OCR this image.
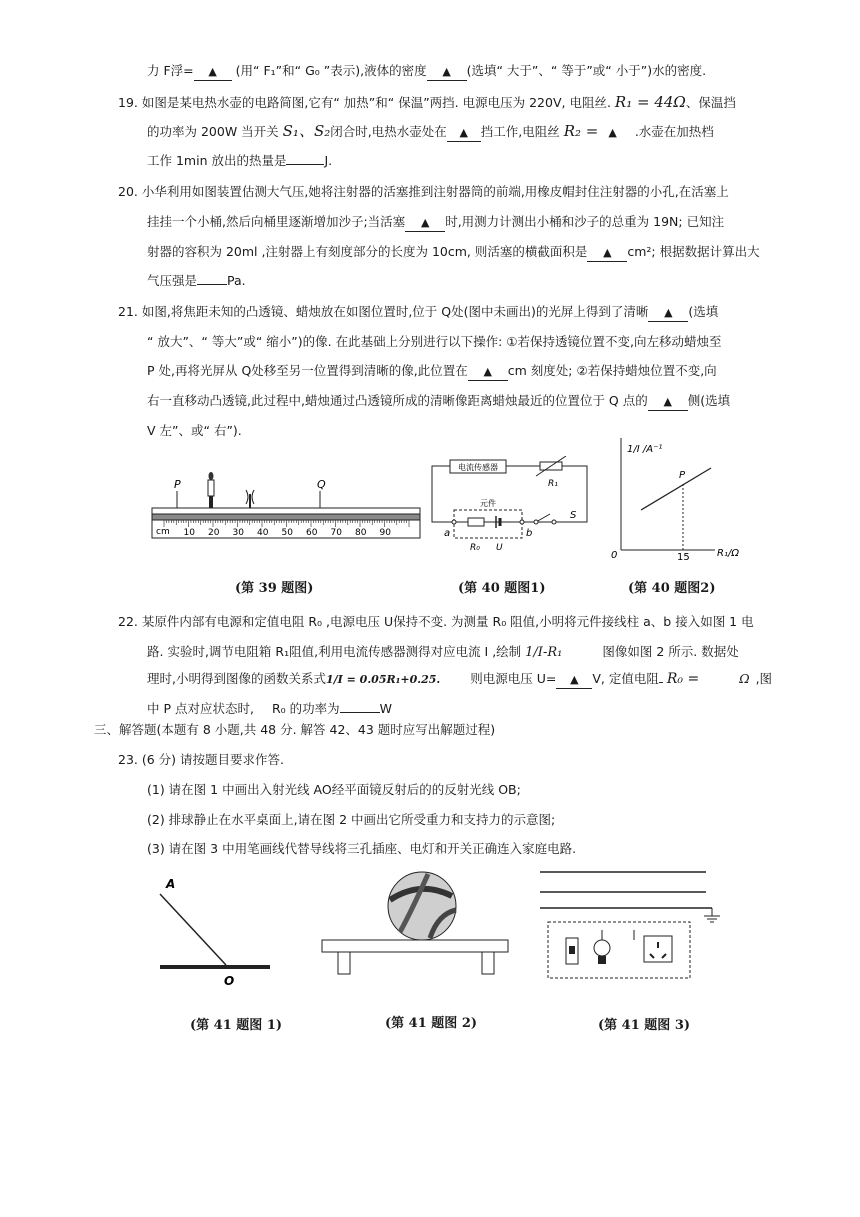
力 F浮= ▲ (用“ F₁”和“ G₀ ”表示),液体的密度 ▲ (选填“ 大于”、“ 等于”或“ 小于”)水的密度.
19. 如图是某电热水壶的电路简图,它有“ 加热”和“ 保温”两挡. 电源电压为 220V, 电阻丝. R₁ = 44Ω、保温挡
的功率为 200W 当开关 S₁、S₂闭合时,电热水壶处在 ▲ 挡工作,电阻丝 R₂ = ▲ .水壶在加热档
工作 1min 放出的热量是	J.
20. 小华利用如图装置估测大气压,她将注射器的活塞推到注射器筒的前端,用橡皮帽封住注射器的小孔,在活塞上
挂挂一个小桶,然后向桶里逐渐增加沙子;当活塞 ▲ 时,用测力计测出小桶和沙子的总重为 19N; 已知注
射器的容积为 20ml ,注射器上有刻度部分的长度为 10cm, 则活塞的横截面积是 ▲ cm²; 根据数据计算出大
气压强是 Pa.
21. 如图,将焦距未知的凸透镜、蜡烛放在如图位置时,位于 Q处(图中未画出)的光屏上得到了清晰 ▲ (选填
“ 放大”、“ 等大”或“ 缩小”)的像. 在此基础上分别进行以下操作: ①若保持透镜位置不变,向左移动蜡烛至
P 处,再将光屏从 Q处移至另一位置得到清晰的像,此位置在 ▲ cm 刻度处; ②若保持蜡烛位置不变,向
右一直移动凸透镜,此过程中,蜡烛通过凸透镜所成的清晰像距离蜡烛最近的位置位于 Q 点的 ▲ 侧(选填
V 左”、或“ 右”).
P	Q
10 20 30 40 50 60 70 80 90
cm
(第 39 题图)
电流传感器
R₁
元件
a	b
R₀ U
S
(第 40 题图1)
1/I /A⁻¹
R₁/Ω
0
P
15
(第 40 题图2)
22. 某原件内部有电源和定值电阻 R₀ ,电源电压 U保持不变. 为测量 R₀ 阻值,小明将元件接线柱 a、b 接入如图 1 电
路. 实验时,调节电阻箱 R₁阻值,利用电流传感器测得对应电流 I ,绘制 1/I-R₁	图像如图 2 所示. 数据处
理时,小明得到图像的函数关系式1/I = 0.05R₁+0.25. 则电源电压 U= ▲ V, 定值电阻 R₀ =	Ω ,图
中 P 点对应状态时, R₀ 的功率为	W
三、解答题(本题有 8 小题,共 48 分. 解答 42、43 题时应写出解题过程)
23. (6 分) 请按题目要求作答.
(1) 请在图 1 中画出入射光线 AO经平面镜反射后的的反射光线 OB;
(2) 排球静止在水平桌面上,请在图 2 中画出它所受重力和支持力的示意图;
(3) 请在图 3 中用笔画线代替导线将三孔插座、电灯和开关正确连入家庭电路.
A
O
(第 41 题图 1)	(第 41 题图 2)	(第 41 题图 3)
